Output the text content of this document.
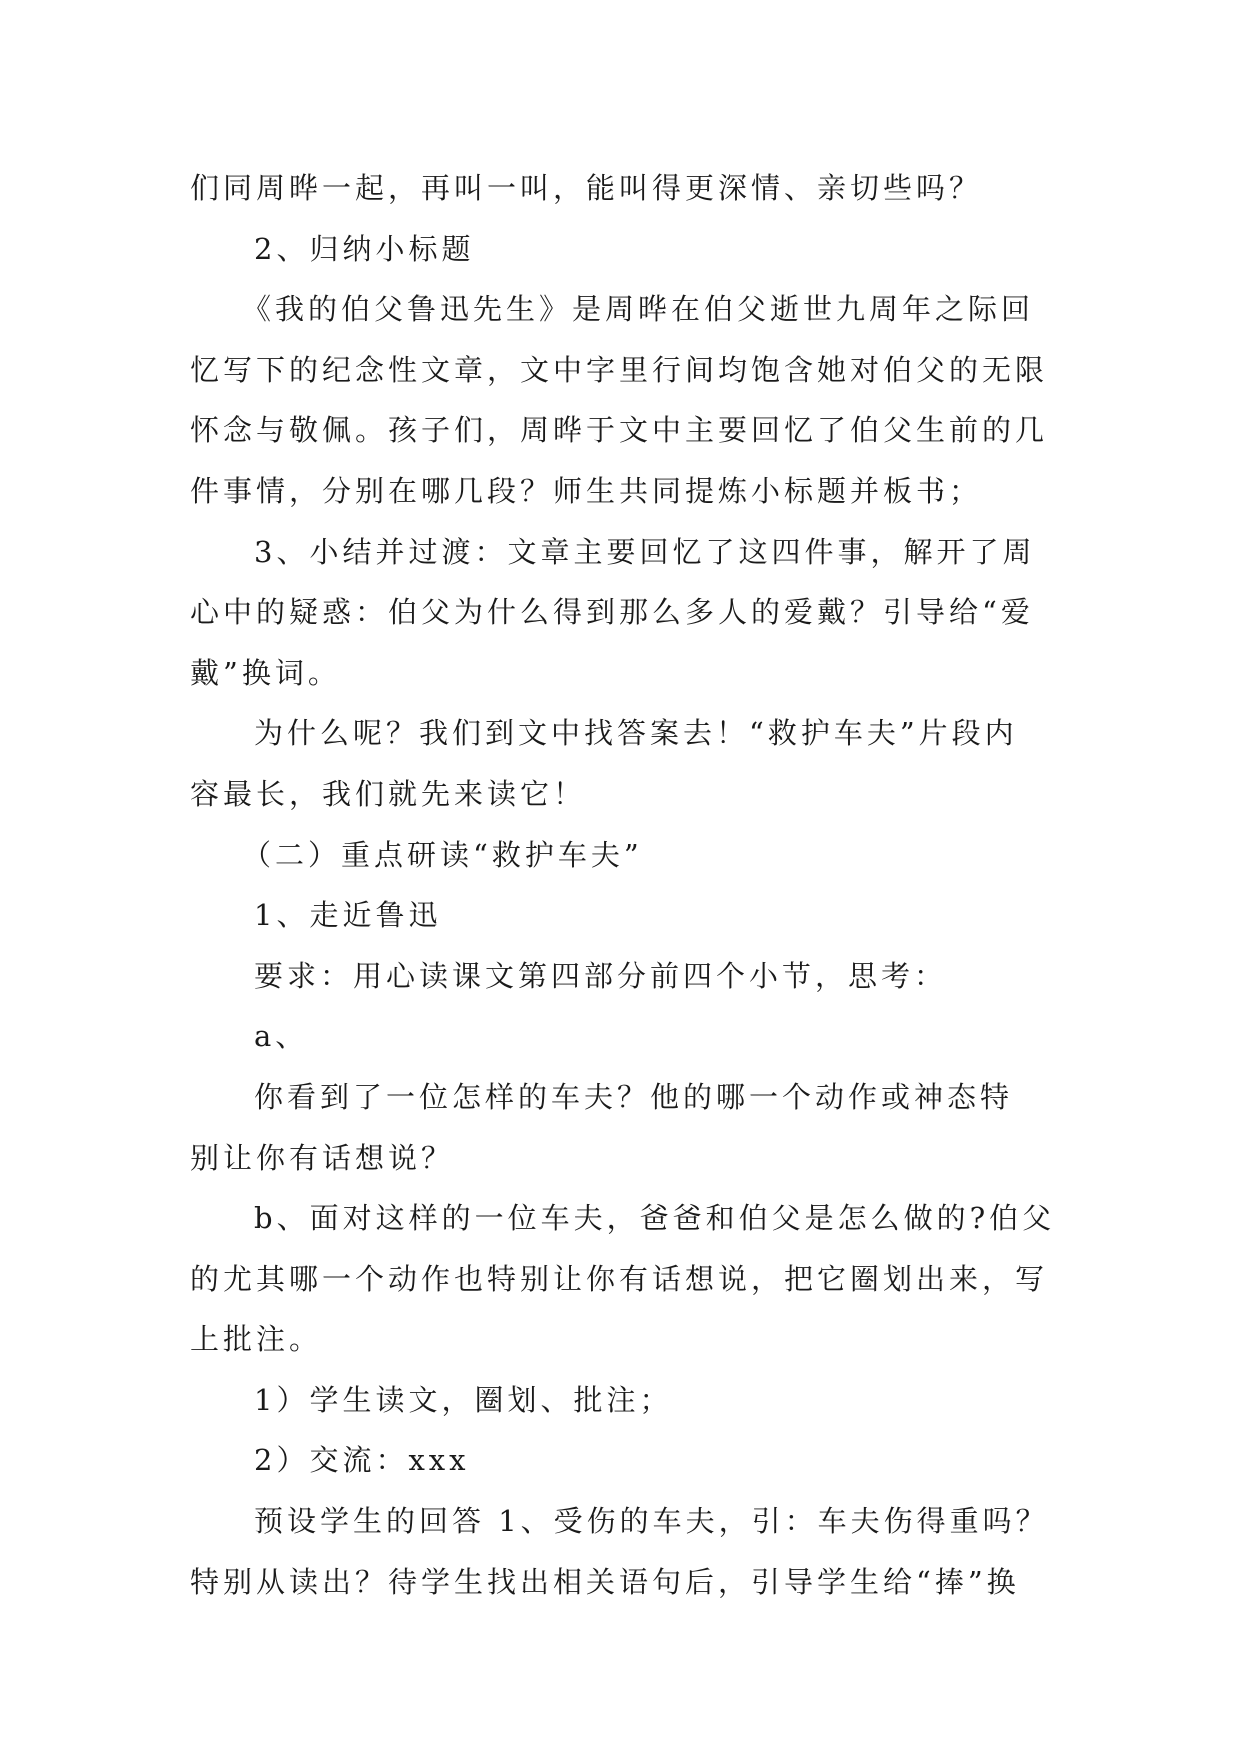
们同周晔一起，再叫一叫，能叫得更深情、亲切些吗？
2、归纳小标题
《我的伯父鲁迅先生》是周晔在伯父逝世九周年之际回
忆写下的纪念性文章，文中字里行间均饱含她对伯父的无限
怀念与敬佩。孩子们，周晔于文中主要回忆了伯父生前的几
件事情，分别在哪几段？师生共同提炼小标题并板书；
3、小结并过渡：文章主要回忆了这四件事，解开了周
心中的疑惑：伯父为什么得到那么多人的爱戴？引导给“爱
戴”换词。
为什么呢？我们到文中找答案去！“救护车夫”片段内
容最长，我们就先来读它！
（二）重点研读“救护车夫”
1、走近鲁迅
要求：用心读课文第四部分前四个小节，思考：
a、
你看到了一位怎样的车夫？他的哪一个动作或神态特
别让你有话想说？
b、面对这样的一位车夫，爸爸和伯父是怎么做的?伯父
的尤其哪一个动作也特别让你有话想说，把它圈划出来，写
上批注。
1）学生读文，圈划、批注；
2）交流：xxx
预设学生的回答 1、受伤的车夫，引：车夫伤得重吗？
特别从读出？待学生找出相关语句后，引导学生给“捧”换
